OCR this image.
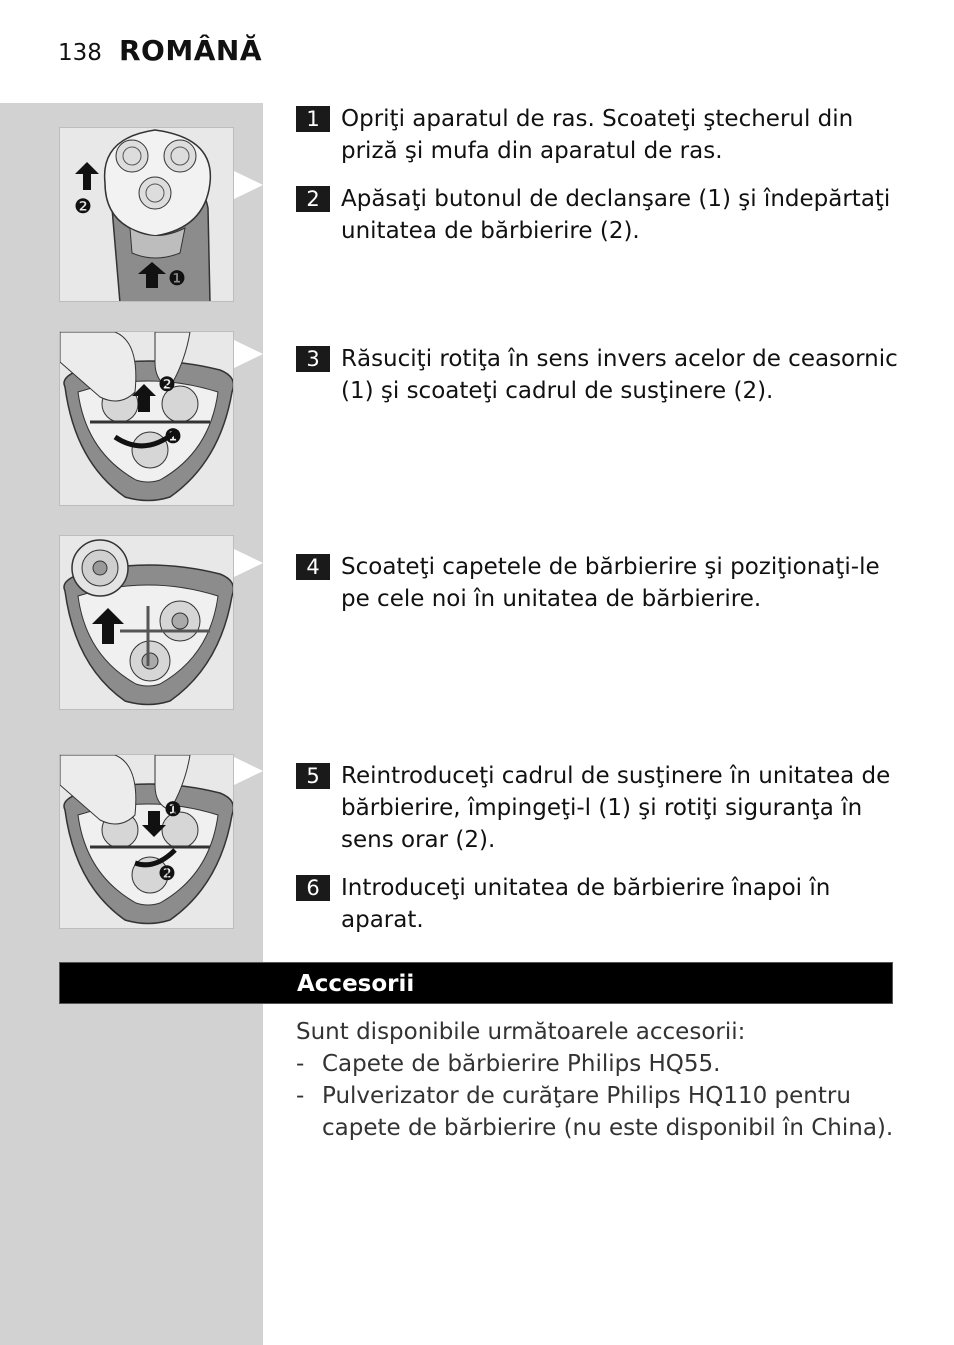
138 ROMÂNĂ
❷
❶
❷
❶
❶
❷
1 Opriţi aparatul de ras. Scoateţi ştecherul din priză şi mufa din aparatul de ras.
2 Apăsaţi butonul de declanşare (1) şi îndepărtaţi unitatea de bărbierire (2).
3 Răsuciţi rotiţa în sens invers acelor de ceasornic (1) şi scoateţi cadrul de susţinere (2).
4 Scoateţi capetele de bărbierire şi poziţionaţi-le pe cele noi în unitatea de bărbierire.
5 Reintroduceţi cadrul de susţinere în unitatea de bărbierire, împingeţi-l (1) şi rotiţi siguranţa în sens orar (2).
6 Introduceţi unitatea de bărbierire înapoi în aparat.
Accesorii
Sunt disponibile următoarele accesorii:
- Capete de bărbierire Philips HQ55.
- Pulverizator de curăţare Philips HQ110 pentru capete de bărbierire (nu este disponibil în China).
